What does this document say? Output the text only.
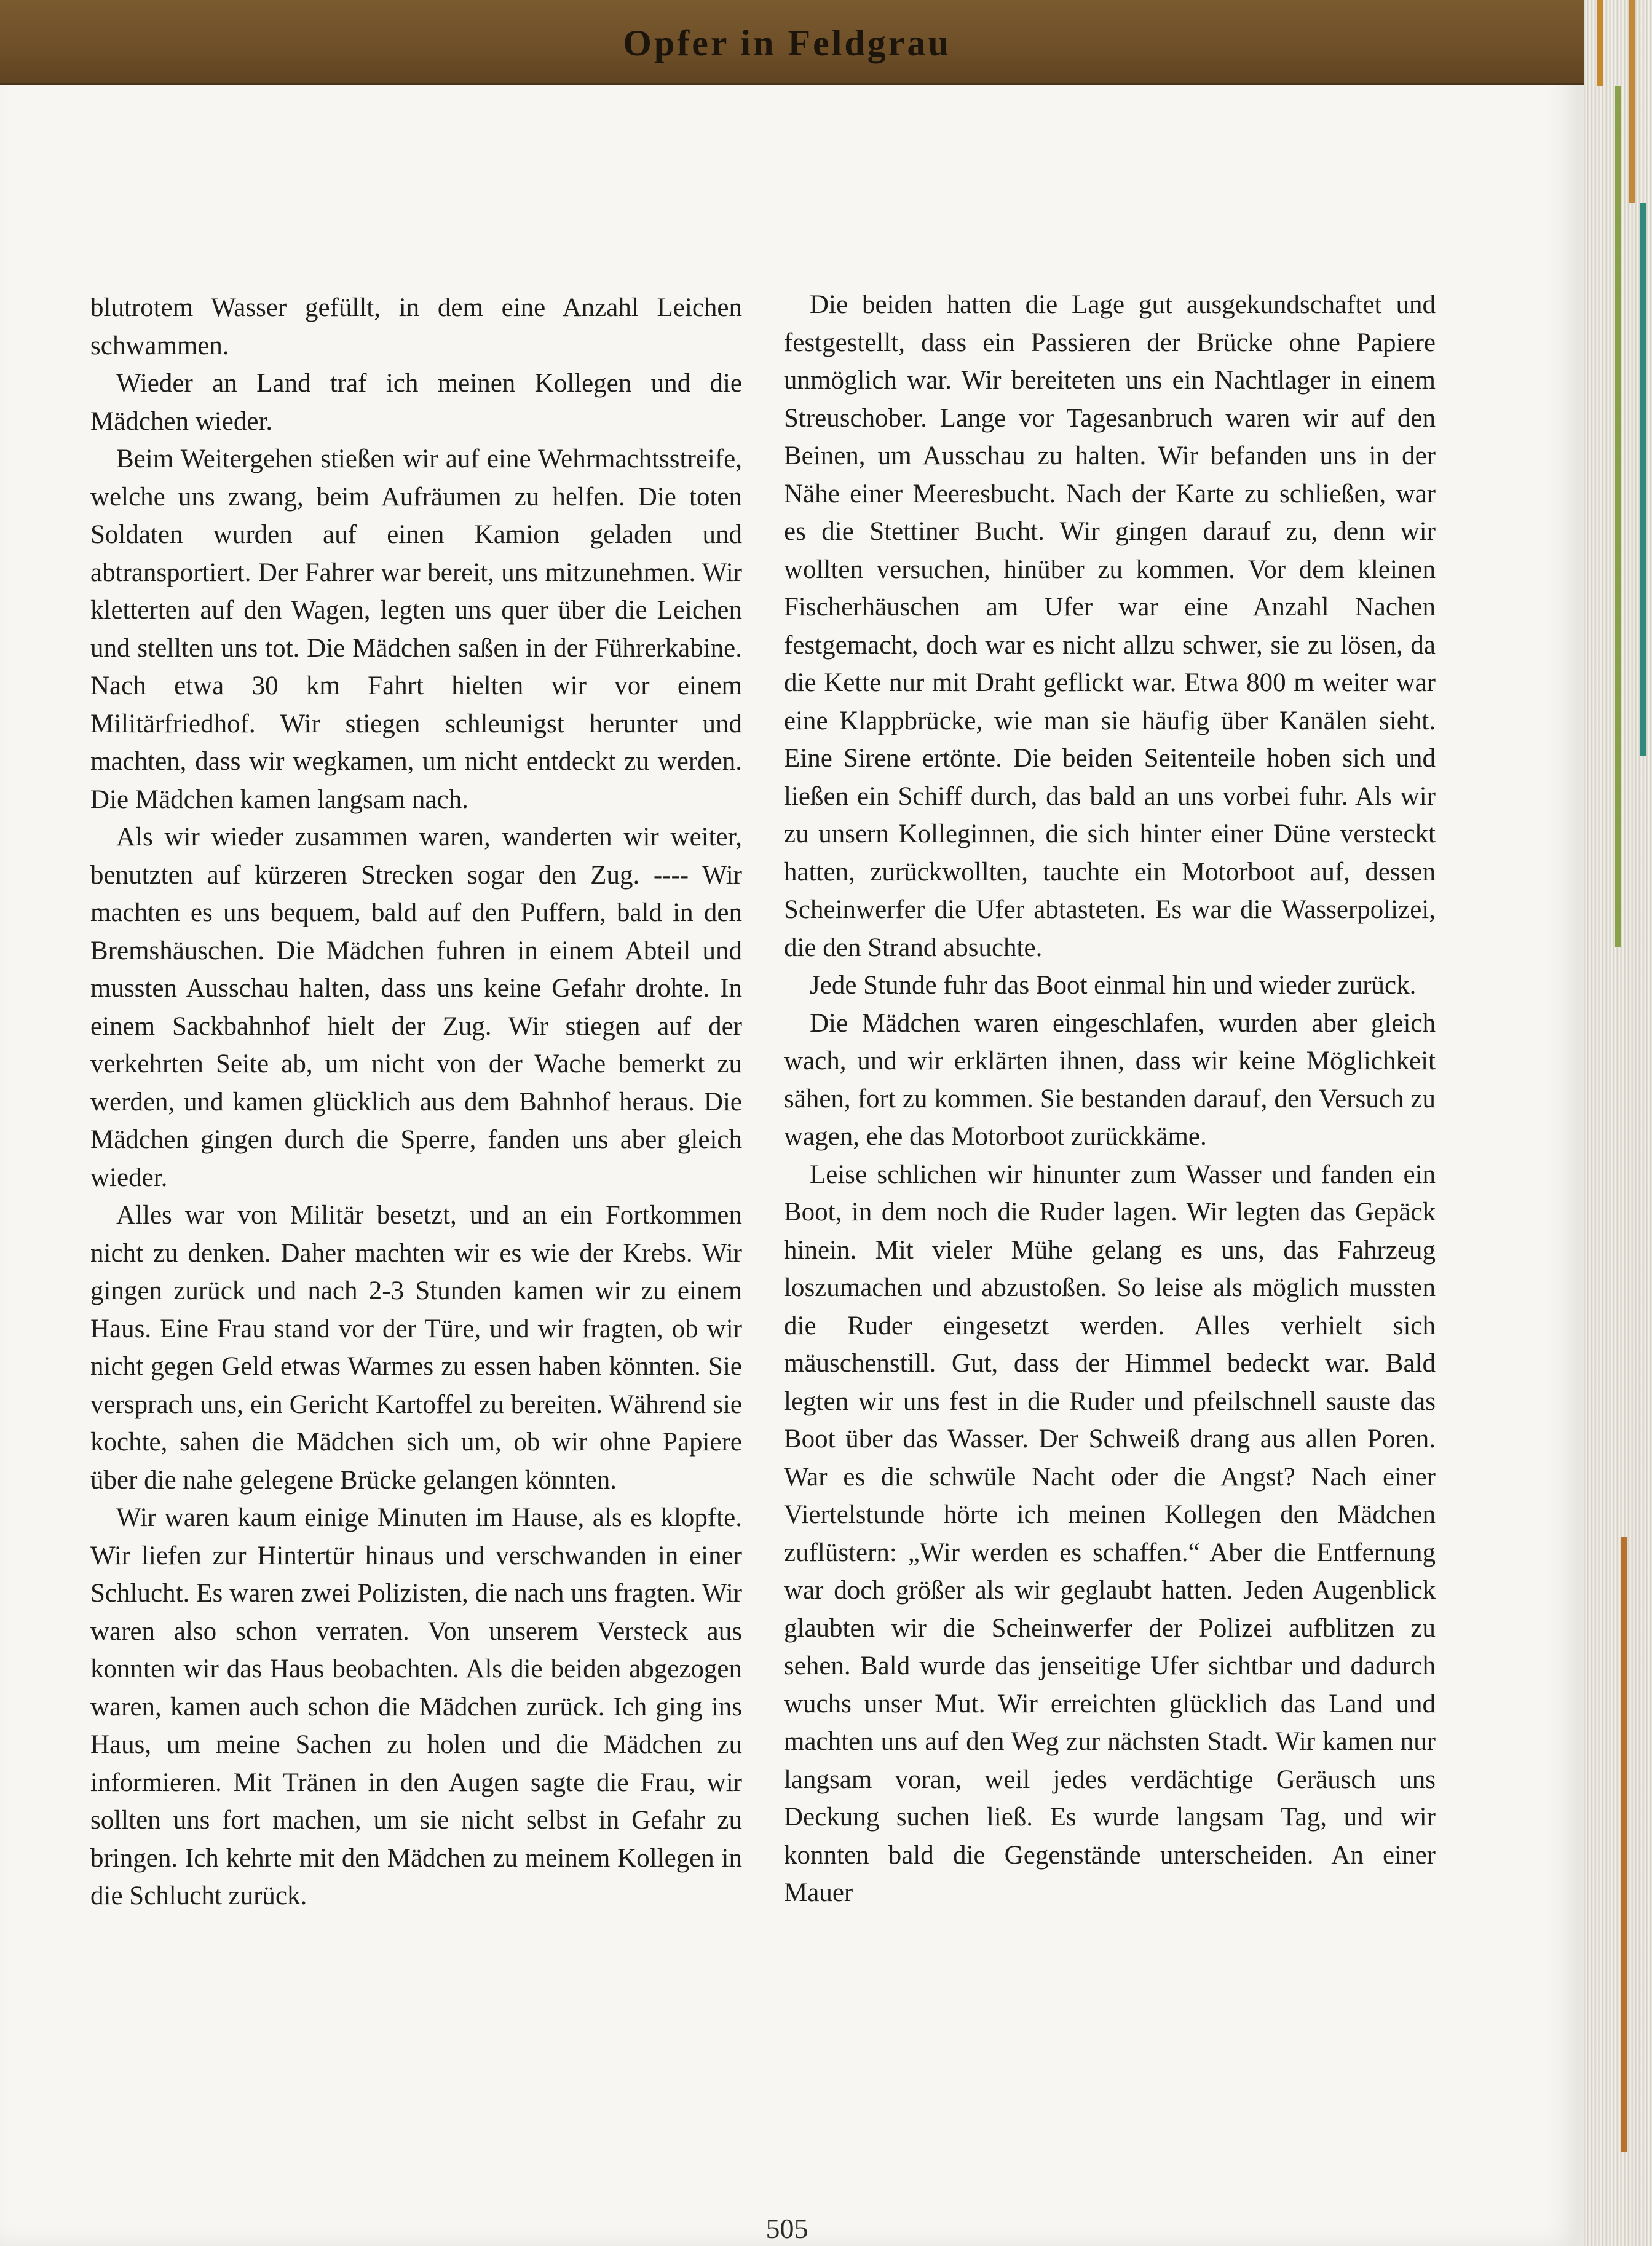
Opfer in Feldgrau

blutrotem Wasser gefüllt, in dem eine Anzahl Leichen schwammen.

Wieder an Land traf ich meinen Kollegen und die Mädchen wieder.

Beim Weitergehen stießen wir auf eine Wehrmachtsstreife, welche uns zwang, beim Aufräumen zu helfen. Die toten Soldaten wurden auf einen Kamion geladen und abtransportiert. Der Fahrer war bereit, uns mitzunehmen. Wir kletterten auf den Wagen, legten uns quer über die Leichen und stellten uns tot. Die Mädchen saßen in der Führerkabine. Nach etwa 30 km Fahrt hielten wir vor einem Militärfriedhof. Wir stiegen schleunigst herunter und machten, dass wir wegkamen, um nicht entdeckt zu werden. Die Mädchen kamen langsam nach.

Als wir wieder zusammen waren, wanderten wir weiter, benutzten auf kürzeren Strecken sogar den Zug. ---- Wir machten es uns bequem, bald auf den Puffern, bald in den Bremshäuschen. Die Mädchen fuhren in einem Abteil und mussten Ausschau halten, dass uns keine Gefahr drohte. In einem Sackbahnhof hielt der Zug. Wir stiegen auf der verkehrten Seite ab, um nicht von der Wache bemerkt zu werden, und kamen glücklich aus dem Bahnhof heraus. Die Mädchen gingen durch die Sperre, fanden uns aber gleich wieder.

Alles war von Militär besetzt, und an ein Fortkommen nicht zu denken. Daher machten wir es wie der Krebs. Wir gingen zurück und nach 2-3 Stunden kamen wir zu einem Haus. Eine Frau stand vor der Türe, und wir fragten, ob wir nicht gegen Geld etwas Warmes zu essen haben könnten. Sie versprach uns, ein Gericht Kartoffel zu bereiten. Während sie kochte, sahen die Mädchen sich um, ob wir ohne Papiere über die nahe gelegene Brücke gelangen könnten.

Wir waren kaum einige Minuten im Hause, als es klopfte. Wir liefen zur Hintertür hinaus und verschwanden in einer Schlucht. Es waren zwei Polizisten, die nach uns fragten. Wir waren also schon verraten. Von unserem Versteck aus konnten wir das Haus beobachten. Als die beiden abgezogen waren, kamen auch schon die Mädchen zurück. Ich ging ins Haus, um meine Sachen zu holen und die Mädchen zu informieren. Mit Tränen in den Augen sagte die Frau, wir sollten uns fort machen, um sie nicht selbst in Gefahr zu bringen. Ich kehrte mit den Mädchen zu meinem Kollegen in die Schlucht zurück.

Die beiden hatten die Lage gut ausgekundschaftet und festgestellt, dass ein Passieren der Brücke ohne Papiere unmöglich war. Wir bereiteten uns ein Nachtlager in einem Streuschober. Lange vor Tagesanbruch waren wir auf den Beinen, um Ausschau zu halten. Wir befanden uns in der Nähe einer Meeresbucht. Nach der Karte zu schließen, war es die Stettiner Bucht. Wir gingen darauf zu, denn wir wollten versuchen, hinüber zu kommen. Vor dem kleinen Fischerhäuschen am Ufer war eine Anzahl Nachen festgemacht, doch war es nicht allzu schwer, sie zu lösen, da die Kette nur mit Draht geflickt war. Etwa 800 m weiter war eine Klappbrücke, wie man sie häufig über Kanälen sieht. Eine Sirene ertönte. Die beiden Seitenteile hoben sich und ließen ein Schiff durch, das bald an uns vorbei fuhr. Als wir zu unsern Kolleginnen, die sich hinter einer Düne versteckt hatten, zurückwollten, tauchte ein Motorboot auf, dessen Scheinwerfer die Ufer abtasteten. Es war die Wasserpolizei, die den Strand absuchte.

Jede Stunde fuhr das Boot einmal hin und wieder zurück.

Die Mädchen waren eingeschlafen, wurden aber gleich wach, und wir erklärten ihnen, dass wir keine Möglichkeit sähen, fort zu kommen. Sie bestanden darauf, den Versuch zu wagen, ehe das Motorboot zurückkäme.

Leise schlichen wir hinunter zum Wasser und fanden ein Boot, in dem noch die Ruder lagen. Wir legten das Gepäck hinein. Mit vieler Mühe gelang es uns, das Fahrzeug loszumachen und abzustoßen. So leise als möglich mussten die Ruder eingesetzt werden. Alles verhielt sich mäuschenstill. Gut, dass der Himmel bedeckt war. Bald legten wir uns fest in die Ruder und pfeilschnell sauste das Boot über das Wasser. Der Schweiß drang aus allen Poren. War es die schwüle Nacht oder die Angst? Nach einer Viertelstunde hörte ich meinen Kollegen den Mädchen zuflüstern: „Wir werden es schaffen.“ Aber die Entfernung war doch größer als wir geglaubt hatten. Jeden Augenblick glaubten wir die Scheinwerfer der Polizei aufblitzen zu sehen. Bald wurde das jenseitige Ufer sichtbar und dadurch wuchs unser Mut. Wir erreichten glücklich das Land und machten uns auf den Weg zur nächsten Stadt. Wir kamen nur langsam voran, weil jedes verdächtige Geräusch uns Deckung suchen ließ. Es wurde langsam Tag, und wir konnten bald die Gegenstände unterscheiden. An einer Mauer

505
